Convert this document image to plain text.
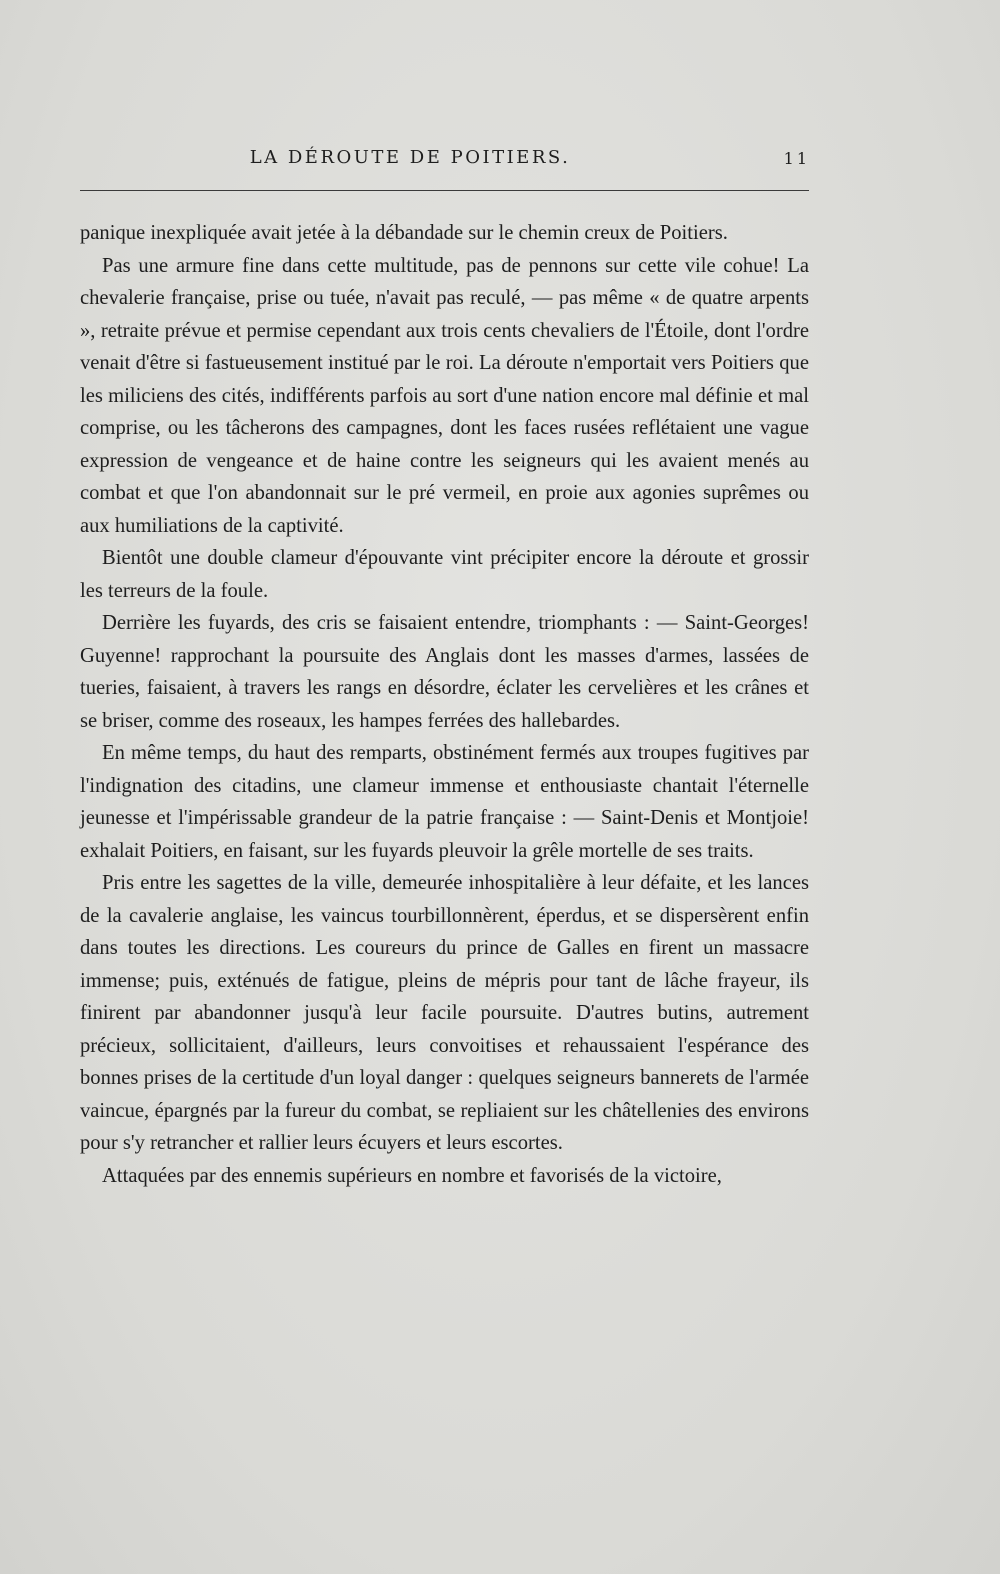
LA DÉROUTE DE POITIERS.	11

panique inexpliquée avait jetée à la débandade sur le chemin creux de Poitiers.

Pas une armure fine dans cette multitude, pas de pennons sur cette vile cohue! La chevalerie française, prise ou tuée, n'avait pas reculé, — pas même « de quatre arpents », retraite prévue et permise cependant aux trois cents chevaliers de l'Étoile, dont l'ordre venait d'être si fastueusement institué par le roi. La déroute n'emportait vers Poitiers que les miliciens des cités, indifférents parfois au sort d'une nation encore mal définie et mal comprise, ou les tâcherons des campagnes, dont les faces rusées reflétaient une vague expression de vengeance et de haine contre les seigneurs qui les avaient menés au combat et que l'on abandonnait sur le pré vermeil, en proie aux agonies suprêmes ou aux humiliations de la captivité.

Bientôt une double clameur d'épouvante vint précipiter encore la déroute et grossir les terreurs de la foule.

Derrière les fuyards, des cris se faisaient entendre, triomphants : — Saint-Georges! Guyenne! rapprochant la poursuite des Anglais dont les masses d'armes, lassées de tueries, faisaient, à travers les rangs en désordre, éclater les cervelières et les crânes et se briser, comme des roseaux, les hampes ferrées des hallebardes.

En même temps, du haut des remparts, obstinément fermés aux troupes fugitives par l'indignation des citadins, une clameur immense et enthousiaste chantait l'éternelle jeunesse et l'impérissable grandeur de la patrie française : — Saint-Denis et Montjoie! exhalait Poitiers, en faisant, sur les fuyards pleuvoir la grêle mortelle de ses traits.

Pris entre les sagettes de la ville, demeurée inhospitalière à leur défaite, et les lances de la cavalerie anglaise, les vaincus tourbillonnèrent, éperdus, et se dispersèrent enfin dans toutes les directions. Les coureurs du prince de Galles en firent un massacre immense; puis, exténués de fatigue, pleins de mépris pour tant de lâche frayeur, ils finirent par abandonner jusqu'à leur facile poursuite. D'autres butins, autrement précieux, sollicitaient, d'ailleurs, leurs convoitises et rehaussaient l'espérance des bonnes prises de la certitude d'un loyal danger : quelques seigneurs bannerets de l'armée vaincue, épargnés par la fureur du combat, se repliaient sur les châtellenies des environs pour s'y retrancher et rallier leurs écuyers et leurs escortes.

Attaquées par des ennemis supérieurs en nombre et favorisés de la victoire,
